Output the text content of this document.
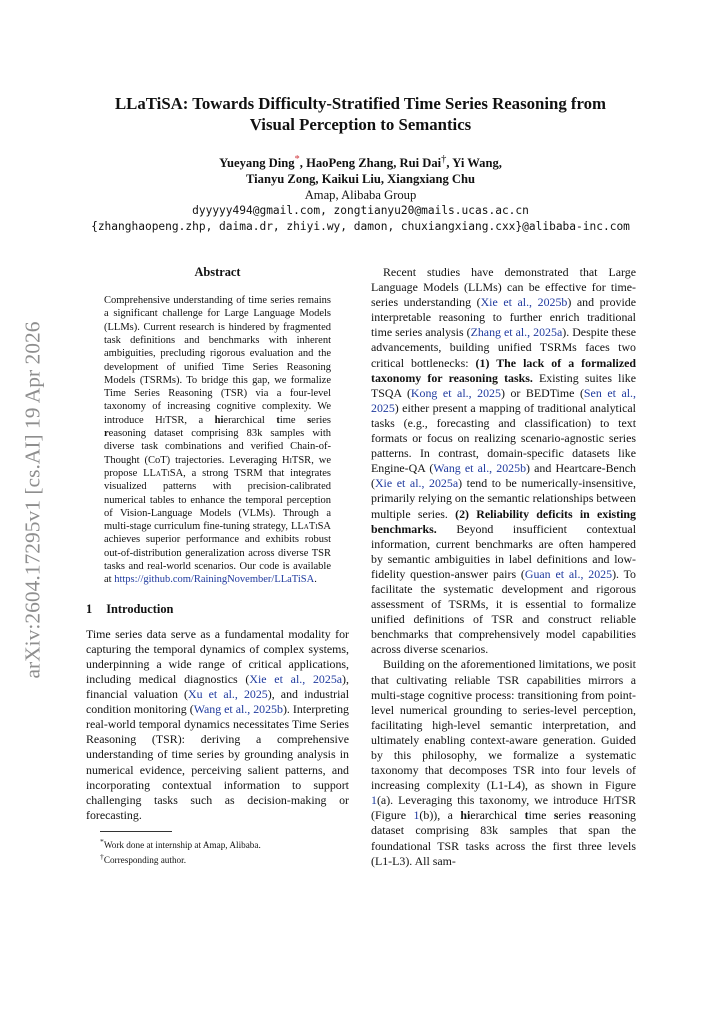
arXiv:2604.17295v1 [cs.AI] 19 Apr 2026
LLaTiSA: Towards Difficulty-Stratified Time Series Reasoning from
Visual Perception to Semantics
Yueyang Ding*, HaoPeng Zhang, Rui Dai†, Yi Wang,
Tianyu Zong, Kaikui Liu, Xiangxiang Chu
Amap, Alibaba Group
dyyyyy494@gmail.com, zongtianyu20@mails.ucas.ac.cn
{zhanghaopeng.zhp, daima.dr, zhiyi.wy, damon, chuxiangxiang.cxx}@alibaba-inc.com
Abstract

Comprehensive understanding of time series remains a significant challenge for Large Language Models (LLMs). Current research is hindered by fragmented task definitions and benchmarks with inherent ambiguities, precluding rigorous evaluation and the development of unified Time Series Reasoning Models (TSRMs). To bridge this gap, we formalize Time Series Reasoning (TSR) via a four-level taxonomy of increasing cognitive complexity. We introduce HiTSR, a hierarchical time series reasoning dataset comprising 83k samples with diverse task combinations and verified Chain-of-Thought (CoT) trajectories. Leveraging HiTSR, we propose LLaTiSA, a strong TSRM that integrates visualized patterns with precision-calibrated numerical tables to enhance the temporal perception of Vision-Language Models (VLMs). Through a multi-stage curriculum fine-tuning strategy, LLaTiSA achieves superior performance and exhibits robust out-of-distribution generalization across diverse TSR tasks and real-world scenarios. Our code is available at https://github.com/RainingNovember/LLaTiSA.

1 Introduction

Time series data serve as a fundamental modality for capturing the temporal dynamics of complex systems, underpinning a wide range of critical applications, including medical diagnostics (Xie et al., 2025a), financial valuation (Xu et al., 2025), and industrial condition monitoring (Wang et al., 2025b). Interpreting real-world temporal dynamics necessitates Time Series Reasoning (TSR): deriving a comprehensive understanding of time series by grounding analysis in numerical evidence, perceiving salient patterns, and incorporating contextual information to support challenging tasks such as decision-making or forecasting.

*Work done at internship at Amap, Alibaba.
†Corresponding author.

Recent studies have demonstrated that Large Language Models (LLMs) can be effective for time-series understanding (Xie et al., 2025b) and provide interpretable reasoning to further enrich traditional time series analysis (Zhang et al., 2025a). Despite these advancements, building unified TSRMs faces two critical bottlenecks: (1) The lack of a formalized taxonomy for reasoning tasks. Existing suites like TSQA (Kong et al., 2025) or BEDTime (Sen et al., 2025) either present a mapping of traditional analytical tasks (e.g., forecasting and classification) to text formats or focus on realizing scenario-agnostic series patterns. In contrast, domain-specific datasets like Engine-QA (Wang et al., 2025b) and Heartcare-Bench (Xie et al., 2025a) tend to be numerically-insensitive, primarily relying on the semantic relationships between multiple series. (2) Reliability deficits in existing benchmarks. Beyond insufficient contextual information, current benchmarks are often hampered by semantic ambiguities in label definitions and low-fidelity question-answer pairs (Guan et al., 2025). To facilitate the systematic development and rigorous assessment of TSRMs, it is essential to formalize unified definitions of TSR and construct reliable benchmarks that comprehensively model capabilities across diverse scenarios.

Building on the aforementioned limitations, we posit that cultivating reliable TSR capabilities mirrors a multi-stage cognitive process: transitioning from point-level numerical grounding to series-level perception, facilitating high-level semantic interpretation, and ultimately enabling context-aware generation. Guided by this philosophy, we formalize a systematic taxonomy that decomposes TSR into four levels of increasing complexity (L1-L4), as shown in Figure 1(a). Leveraging this taxonomy, we introduce HiTSR (Figure 1(b)), a hierarchical time series reasoning dataset comprising 83k samples that span the foundational TSR tasks across the first three levels (L1-L3). All sam-
